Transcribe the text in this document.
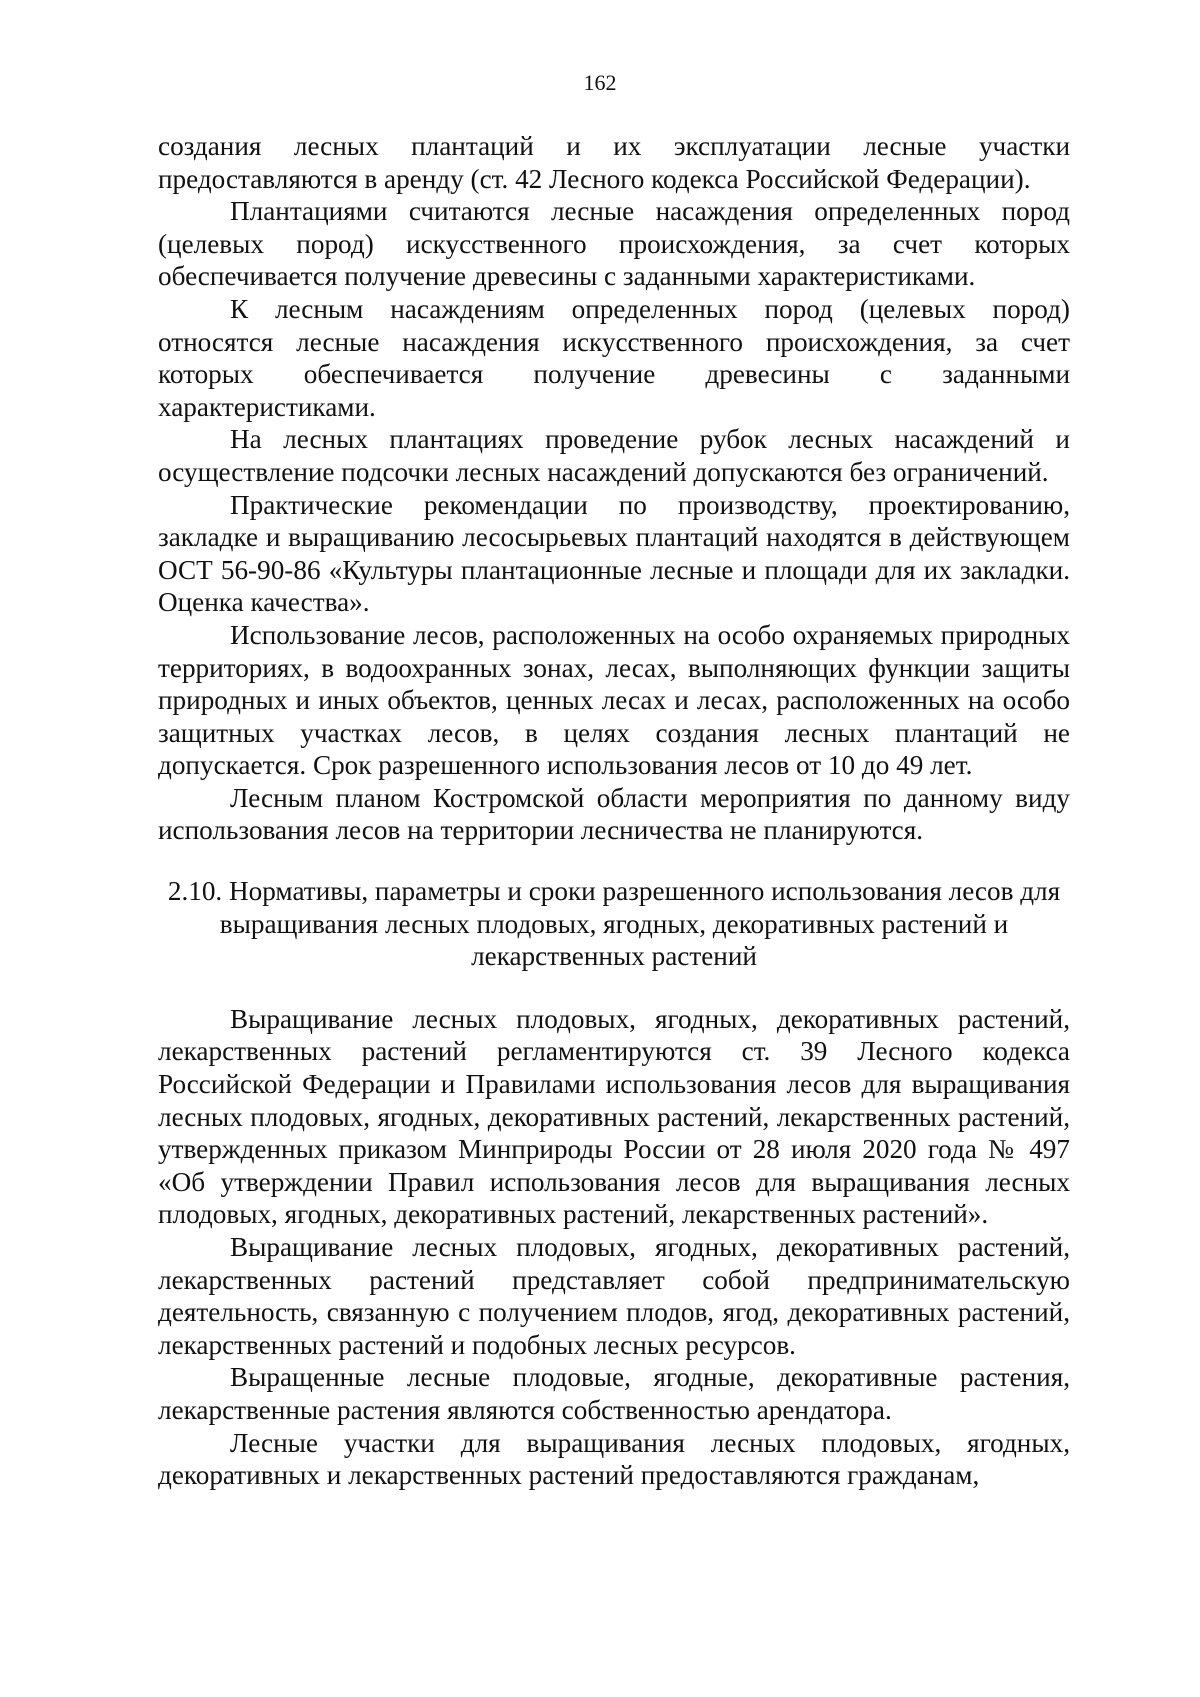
162

создания лесных плантаций и их эксплуатации лесные участки предоставляются в аренду (ст. 42 Лесного кодекса Российской Федерации).

Плантациями считаются лесные насаждения определенных пород (целевых пород) искусственного происхождения, за счет которых обеспечивается получение древесины с заданными характеристиками.

К лесным насаждениям определенных пород (целевых пород) относятся лесные насаждения искусственного происхождения, за счет которых обеспечивается получение древесины с заданными характеристиками.

На лесных плантациях проведение рубок лесных насаждений и осуществление подсочки лесных насаждений допускаются без ограничений.

Практические рекомендации по производству, проектированию, закладке и выращиванию лесосырьевых плантаций находятся в действующем ОСТ 56-90-86 «Культуры плантационные лесные и площади для их закладки. Оценка качества».

Использование лесов, расположенных на особо охраняемых природных территориях, в водоохранных зонах, лесах, выполняющих функции защиты природных и иных объектов, ценных лесах и лесах, расположенных на особо защитных участках лесов, в целях создания лесных плантаций не допускается. Срок разрешенного использования лесов от 10 до 49 лет.

Лесным планом Костромской области мероприятия по данному виду использования лесов на территории лесничества не планируются.

2.10. Нормативы, параметры и сроки разрешенного использования лесов для выращивания лесных плодовых, ягодных, декоративных растений и лекарственных растений

Выращивание лесных плодовых, ягодных, декоративных растений, лекарственных растений регламентируются ст. 39 Лесного кодекса Российской Федерации и Правилами использования лесов для выращивания лесных плодовых, ягодных, декоративных растений, лекарственных растений, утвержденных приказом Минприроды России от 28 июля 2020 года № 497 «Об утверждении Правил использования лесов для выращивания лесных плодовых, ягодных, декоративных растений, лекарственных растений».

Выращивание лесных плодовых, ягодных, декоративных растений, лекарственных растений представляет собой предпринимательскую деятельность, связанную с получением плодов, ягод, декоративных растений, лекарственных растений и подобных лесных ресурсов.

Выращенные лесные плодовые, ягодные, декоративные растения, лекарственные растения являются собственностью арендатора.

Лесные участки для выращивания лесных плодовых, ягодных, декоративных и лекарственных растений предоставляются гражданам,
